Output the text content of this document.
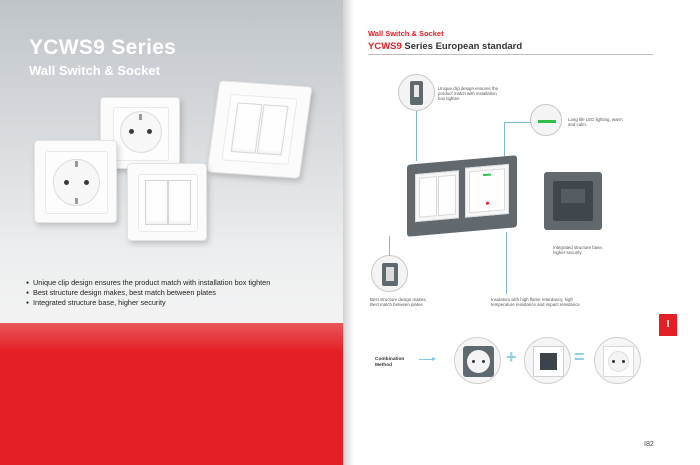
YCWS9 Series
Wall Switch & Socket
● Unique clip design ensures the product match with installation box tighten
● Best structure design makes, best match between plates
● Integrated structure base, higher security
Wall Switch & Socket
YCWS9 Series European standard
Unique clip design ensures the product match with installation box tighten
Long life LED lighting, warm and calm.
Integrated structure base, higher security
Best structure design makes, Best match between plates
Insulators with high flame retardancy, high temperature resistance and impact resistance
Combination
Method	+	=
I
I82
